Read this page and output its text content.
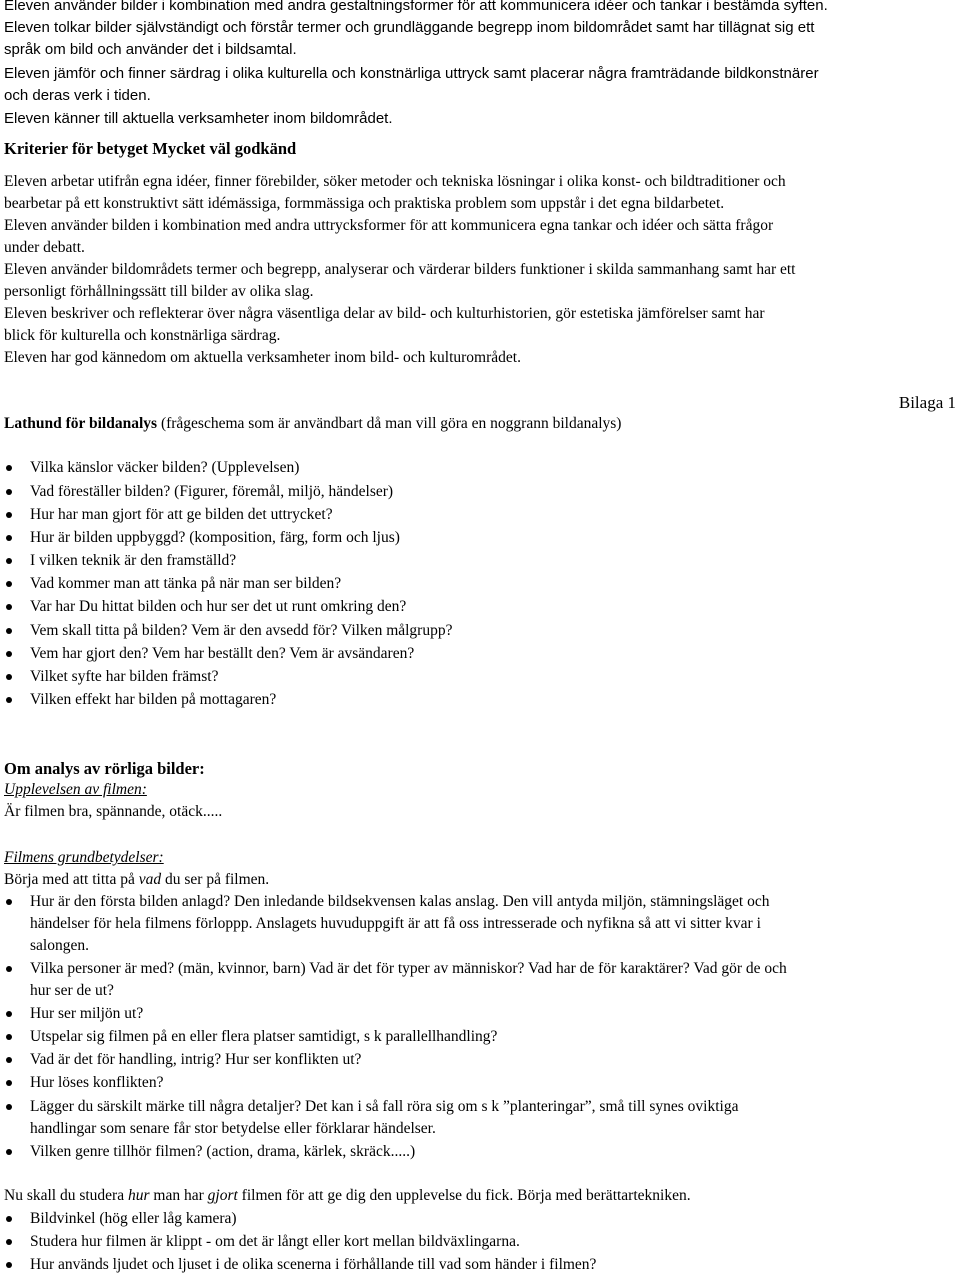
Eleven använder bilder i kombination med andra gestaltningsformer för att kommunicera idéer och tankar i bestämda syften.

Eleven tolkar bilder självständigt och förstår termer och grundläggande begrepp inom bildområdet samt har tillägnat sig ett

språk om bild och använder det i bildsamtal.

Eleven jämför och finner särdrag i olika kulturella och konstnärliga uttryck samt placerar några framträdande bildkonstnärer

och deras verk i tiden.

Eleven känner till aktuella verksamheter inom bildområdet.

Kriterier för betyget Mycket väl godkänd

Eleven arbetar utifrån egna idéer, finner förebilder, söker metoder och tekniska lösningar i olika konst- och bildtraditioner och

bearbetar på ett konstruktivt sätt idémässiga, formmässiga och praktiska problem som uppstår i det egna bildarbetet.

Eleven använder bilden i kombination med andra uttrycksformer för att kommunicera egna tankar och idéer och sätta frågor

under debatt.

Eleven använder bildområdets termer och begrepp, analyserar och värderar bilders funktioner i skilda sammanhang samt har ett

personligt förhållningssätt till bilder av olika slag.

Eleven beskriver och reflekterar över några väsentliga delar av bild- och kulturhistorien, gör estetiska jämförelser samt har

blick för kulturella och konstnärliga särdrag.

Eleven har god kännedom om aktuella verksamheter inom bild- och kulturområdet.

Bilaga 1

Lathund för bildanalys (frågeschema som är användbart då man vill göra en noggrann bildanalys)

Vilka känslor väcker bilden? (Upplevelsen)
Vad föreställer bilden? (Figurer, föremål, miljö, händelser)
Hur har man gjort för att ge bilden det uttrycket?
Hur är bilden uppbyggd? (komposition, färg, form och ljus)
I vilken teknik är den framställd?
Vad kommer man att tänka på när man ser bilden?
Var har Du hittat bilden och hur ser det ut runt omkring den?
Vem skall titta på bilden? Vem är den avsedd för? Vilken målgrupp?
Vem har gjort den? Vem har beställt den? Vem är avsändaren?
Vilket syfte har bilden främst?
Vilken effekt har bilden på mottagaren?

Om analys av rörliga bilder:

Upplevelsen av filmen:

Är filmen bra, spännande, otäck.....

Filmens grundbetydelser:

Börja med att titta på vad du ser på filmen.

Hur är den första bilden anlagd? Den inledande bildsekvensen kalas anslag. Den vill antyda miljön, stämningsläget och
händelser för hela filmens förloppp. Anslagets huvuduppgift är att få oss intresserade och nyfikna så att vi sitter kvar i
salongen.
Vilka personer är med? (män, kvinnor, barn) Vad är det för typer av människor? Vad har de för karaktärer? Vad gör de och
hur ser de ut?
Hur ser miljön ut?
Utspelar sig filmen på en eller flera platser samtidigt, s k parallellhandling?
Vad är det för handling, intrig? Hur ser konflikten ut?
Hur löses konflikten?
Lägger du särskilt märke till några detaljer? Det kan i så fall röra sig om s k ”planteringar”, små till synes oviktiga
handlingar som senare får stor betydelse eller förklarar händelser.
Vilken genre tillhör filmen? (action, drama, kärlek, skräck.....)

Nu skall du studera hur man har gjort filmen för att ge dig den upplevelse du fick. Börja med berättartekniken.

Bildvinkel (hög eller låg kamera)
Studera hur filmen är klippt - om det är långt eller kort mellan bildväxlingarna.
Hur används ljudet och ljuset i de olika scenerna i förhållande till vad som händer i filmen?
